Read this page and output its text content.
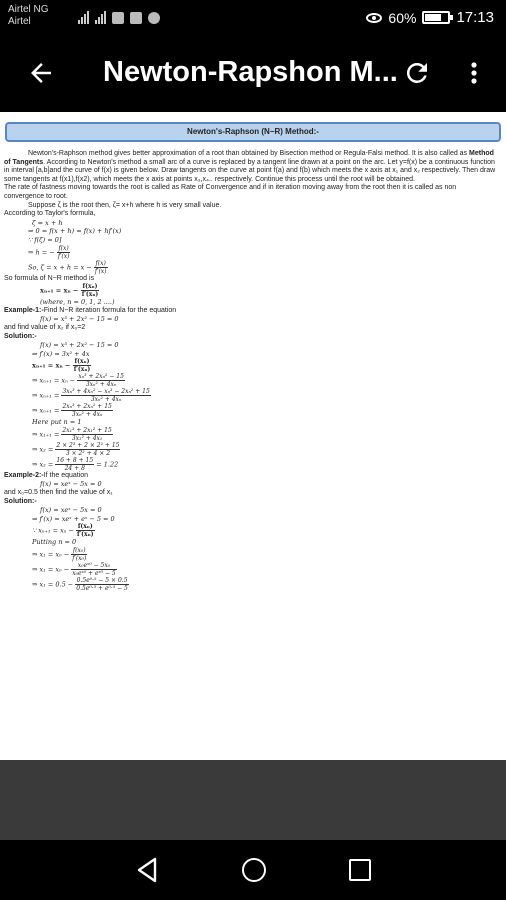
Airtel NG
Airtel	60%	17:13
Newton-Rapshon M...
Newton's-Raphson (N−R) Method:-
Newton's-Raphson method gives better approximation of a root than obtained by Bisection method or Regula-Falsi method. It is also called as Method of Tangents. According to Newton's method a small arc of a curve is replaced by a tangent line drawn at a point on the arc. Let y=f(x) be a continuous function in interval [a,b]and the curve of f(x) is given below. Draw tangents on the curve at point f(a) and f(b) which meets the x axis at x₁ and x₂ respectively. Then draw some tangents at f(x1),f(x2), which meets the x axis at points x₃,x₄.. respectively. Continue this process until the root will be obtained.
The rate of fastness moving towards the root is called as Rate of Convergence and if in iteration moving away from the root then it is called as non convergence to root.
Suppose ζ is the root then, ζ= x+h where h is very small value.
According to Taylor's formula,
ζ = x + h
⇒ 0 = f(x + h) = f(x) + hf′(x)
∵ f(ζ) = 0]
⇒ h = − $\frac{f(x)}{f'(x)}$
So, $\zeta = x + h = x - \frac{f(x)}{f'(x)}$
So formula of N−R method is
$x_{n+1} = x_n - \frac{\text{f(xₙ)}}{\text{f′(xₙ)}}$
(where, n = 0, 1, 2 ....)
Example-1:-Find N−R iteration formula for the equation
f(x) = x³ + 2x² − 15 = 0
and find value of x₂ if x₀=2
Solution:-
f(x) = x³ + 2x² − 15 = 0
⇒ f′(x) = 3x² + 4x
$x_{n+1} = x_n - \frac{\text{f(xₙ)}}{\text{f′(xₙ)}}$
⇒ $x_{n+1} = x_n - \frac{\text{xₙ³ + 2xₙ² − 15}}{\text{3xₙ² + 4xₙ}}$
⇒ $x_{n+1} = \frac{\text{3xₙ³ + 4xₙ² − xₙ³ − 2xₙ² + 15}}{\text{3xₙ² + 4xₙ}}$
⇒ $x_{n+1} = \frac{\text{2xₙ³ + 2xₙ² + 15}}{\text{3xₙ² + 4xₙ}}$
Here put n = 1
⇒ $x_{1+1} = \frac{\text{2x₁³ + 2x₁² + 15}}{\text{3x₁² + 4x₁}}$
⇒ $x_2 = \frac{\text{2 × 2³ + 2 × 2² + 15}}{\text{3 × 2² + 4 × 2}}$
⇒ $x_2 = \frac{16 + 8 + 15}{24 + 8} = 1.22$
Example-2:-If the equation
f(x) = xeˣ − 5x = 0
and x₀=0.5 then find the value of x₁
Solution:-
f(x) = xeˣ − 5x = 0
⇒ f′(x) = xeˣ + eˣ − 5 = 0
∵ $x_{n+1} = x_n - \frac{\text{f(xₙ)}}{\text{f′(xₙ)}}$
Putting n = 0
⇒ $x_1 = x_0 - \frac{\text{f(x₀)}}{\text{f′(x₀)}}$
⇒ $x_1 = x_0 - \frac{\text{x₀eˣ⁰ − 5x₀}}{\text{x₀eˣ⁰ + eˣ⁰ − 5}}$
⇒ $x_1 = 0.5 - \frac{\text{0.5e⁰·⁵ − 5 × 0.5}}{\text{0.5e⁰·⁵ + e⁰·⁵ − 5}}$
